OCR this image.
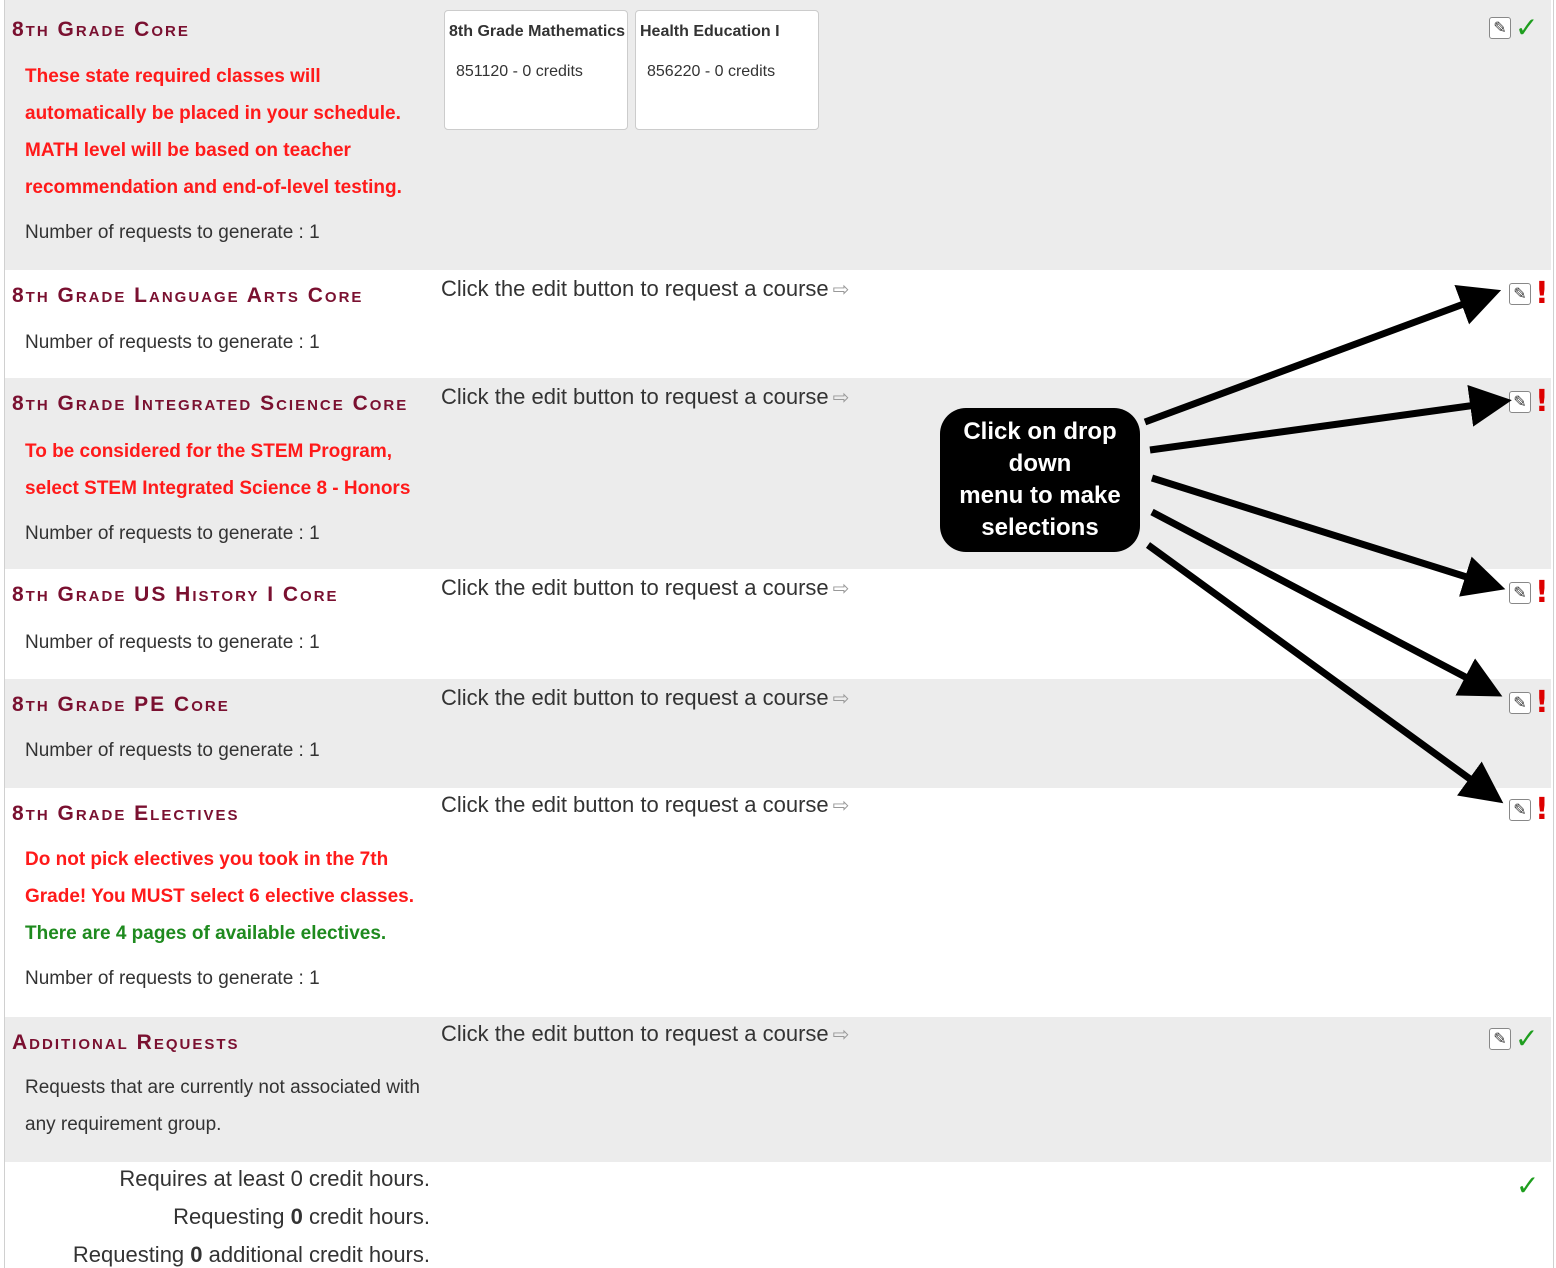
8th Grade Core
These state required classes will
automatically be placed in your schedule.
MATH level will be based on teacher
recommendation and end-of-level testing.
Number of requests to generate : 1
8th Grade Mathematics
851120 - 0 credits
Health Education I
856220 - 0 credits
✎ ✓
8th Grade Language Arts Core
Number of requests to generate : 1
Click the edit button to request a course ⇨	✎ !
8th Grade Integrated Science Core
To be considered for the STEM Program,
select STEM Integrated Science 8 - Honors
Number of requests to generate : 1
Click the edit button to request a course ⇨	✎ !
8th Grade US History I Core
Number of requests to generate : 1
Click the edit button to request a course ⇨	✎ !
8th Grade PE Core
Number of requests to generate : 1
Click the edit button to request a course ⇨	✎ !
8th Grade Electives
Do not pick electives you took in the 7th
Grade! You MUST select 6 elective classes.
There are 4 pages of available electives.
Number of requests to generate : 1
Click the edit button to request a course ⇨	✎ !
Additional Requests
Requests that are currently not associated with
any requirement group.
Click the edit button to request a course ⇨	✎ ✓
Requires at least 0 credit hours.
Requesting 0 credit hours.
Requesting 0 additional credit hours.
✓
Click on drop down
menu to make
selections
